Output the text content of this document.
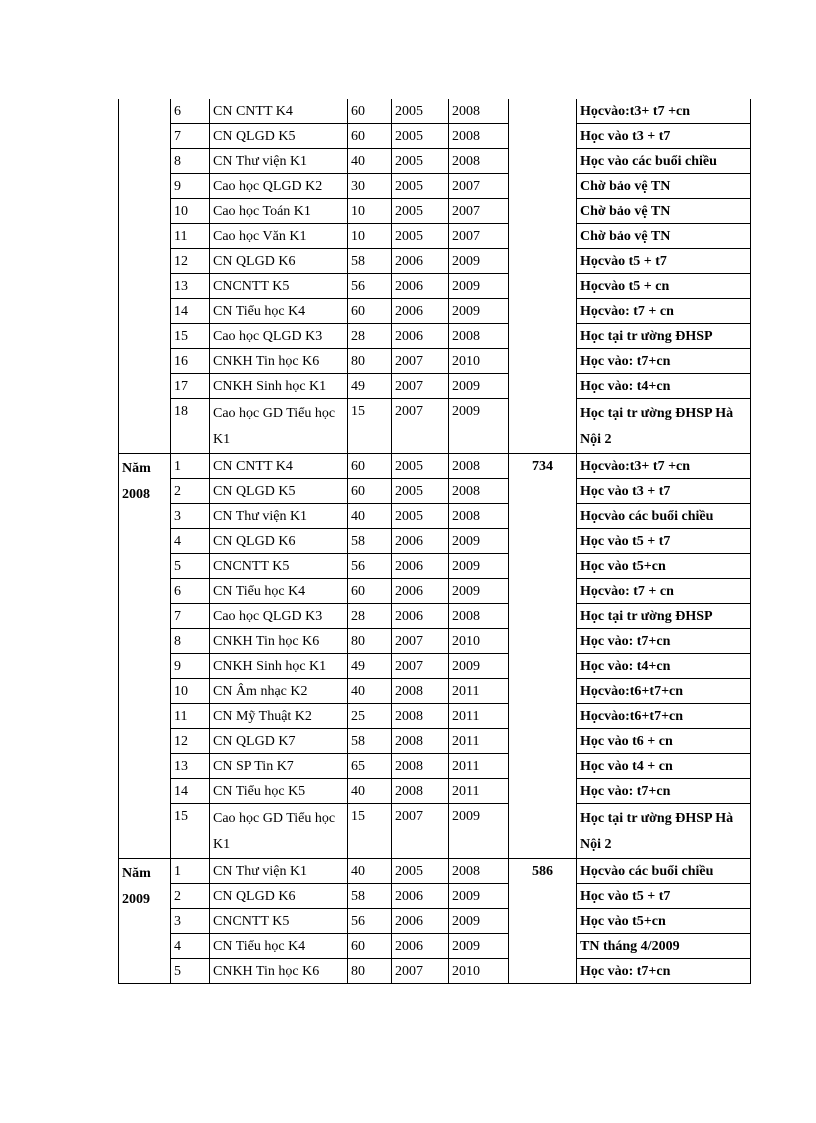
	6	CN CNTT K4	60	2005	2008		Họcvào:t3+ t7 +cn
	7	CN QLGD K5	60	2005	2008		Học vào t3 + t7
	8	CN Thư viện K1	40	2005	2008		Học vào các buổi chiều
	9	Cao học QLGD K2	30	2005	2007		Chờ bảo vệ TN
	10	Cao học Toán K1	10	2005	2007		Chờ bảo vệ TN
	11	Cao học Văn K1	10	2005	2007		Chờ bảo vệ TN
	12	CN QLGD K6	58	2006	2009		Họcvào t5 + t7
	13	CNCNTT K5	56	2006	2009		Họcvào t5 + cn
	14	CN Tiểu học K4	60	2006	2009		Họcvào: t7 + cn
	15	Cao học QLGD K3	28	2006	2008		Học tại tr ường ĐHSP
	16	CNKH Tin học K6	80	2007	2010		Học vào: t7+cn
	17	CNKH Sinh học K1	49	2007	2009		Học vào: t4+cn
	18	Cao học GD Tiểu học K1	15	2007	2009		Học tại tr ường ĐHSP Hà Nội 2
Năm 2008	1	CN CNTT K4	60	2005	2008	734	Họcvào:t3+ t7 +cn
	2	CN QLGD K5	60	2005	2008		Học vào t3 + t7
	3	CN Thư viện K1	40	2005	2008		Họcvào các buổi chiều
	4	CN QLGD K6	58	2006	2009		Học vào t5 + t7
	5	CNCNTT K5	56	2006	2009		Học vào t5+cn
	6	CN Tiểu học K4	60	2006	2009		Họcvào: t7 + cn
	7	Cao học QLGD K3	28	2006	2008		Học tại tr ường ĐHSP
	8	CNKH Tin học K6	80	2007	2010		Học vào: t7+cn
	9	CNKH Sinh học K1	49	2007	2009		Học vào: t4+cn
	10	CN Âm nhạc K2	40	2008	2011		Họcvào:t6+t7+cn
	11	CN Mỹ Thuật K2	25	2008	2011		Họcvào:t6+t7+cn
	12	CN QLGD K7	58	2008	2011		Học vào t6 + cn
	13	CN SP Tin K7	65	2008	2011		Học vào t4 + cn
	14	CN Tiểu học K5	40	2008	2011		Học vào: t7+cn
	15	Cao học GD Tiểu học K1	15	2007	2009		Học tại tr ường ĐHSP Hà Nội 2
Năm 2009	1	CN Thư viện K1	40	2005	2008	586	Họcvào các buổi chiều
	2	CN QLGD K6	58	2006	2009		Học vào t5 + t7
	3	CNCNTT K5	56	2006	2009		Học vào t5+cn
	4	CN Tiểu học K4	60	2006	2009		TN tháng 4/2009
	5	CNKH Tin học K6	80	2007	2010		Học vào: t7+cn
